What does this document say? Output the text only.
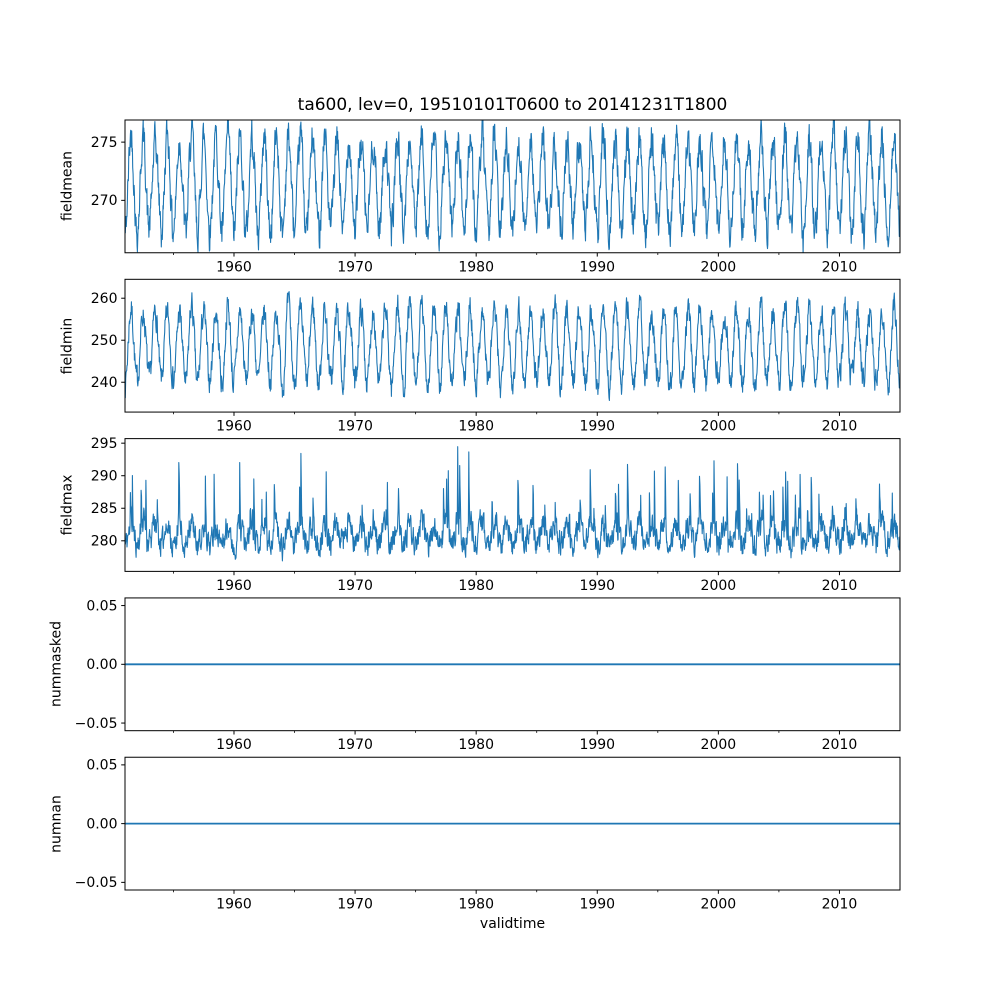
270
275
1960	1970	1980	1990	2000	2010
240
250
260
1960	1970	1980	1990	2000	2010
280
285
290
295
1960	1970	1980	1990	2000	2010
−0.05
0.00
0.05
1960	1970	1980	1990	2000	2010
−0.05
0.00
0.05
1960	1970	1980	1990	2000	2010
ta600, lev=0, 19510101T0600 to 20141231T1800
validtime
fieldmean
fieldmin
fieldmax
nummasked
numnan
